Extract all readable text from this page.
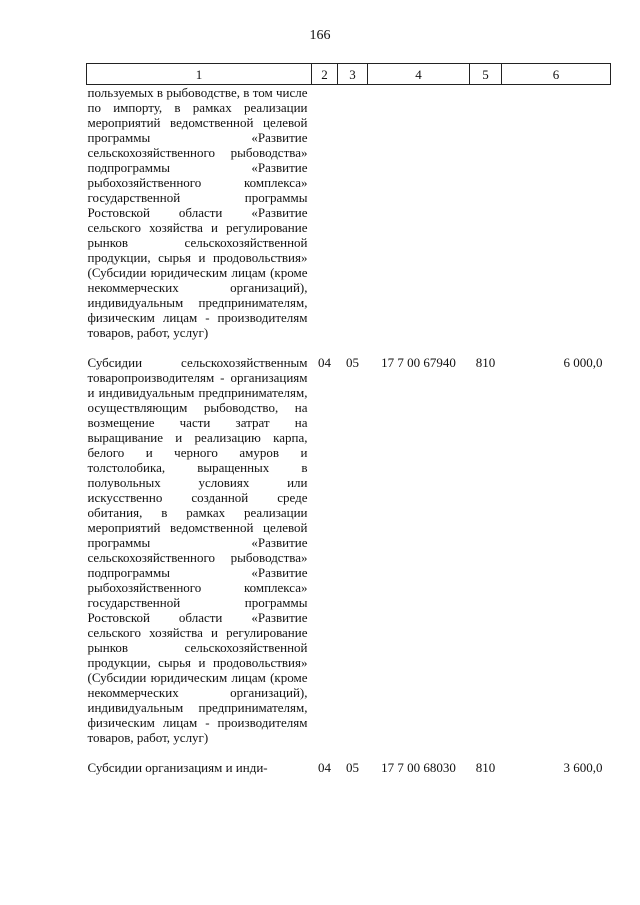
166
1	2	3	4	5	6
пользуемых в рыбоводстве, в том числе по импорту, в рамках реализации мероприятий ведомственной целевой программы «Развитие сельскохозяйственного рыбоводства» подпрограммы «Развитие рыбохозяйственного комплекса» государственной программы Ростовской области «Развитие сельского хозяйства и регулирование рынков сельскохозяйственной продукции, сырья и продовольствия» (Субсидии юридическим лицам (кроме некоммерческих организаций), индивидуальным предпринимателям, физическим лицам - производителям товаров, работ, услуг)					
Субсидии сельскохозяйственным товаропроизводителям - организациям и индивидуальным предпринимателям, осуществляющим рыбоводство, на возмещение части затрат на выращивание и реализацию карпа, белого и черного амуров и толстолобика, выращенных в полувольных условиях или искусственно созданной среде обитания, в рамках реализации мероприятий ведомственной целевой программы «Развитие сельскохозяйственного рыбоводства» подпрограммы «Развитие рыбохозяйственного комплекса» государственной программы Ростовской области «Развитие сельского хозяйства и регулирование рынков сельскохозяйственной продукции, сырья и продовольствия» (Субсидии юридическим лицам (кроме некоммерческих организаций), индивидуальным предпринимателям, физическим лицам - производителям товаров, работ, услуг)	04	05	17 7 00 67940	810	6 000,0
Субсидии организациям и инди-	04	05	17 7 00 68030	810	3 600,0
